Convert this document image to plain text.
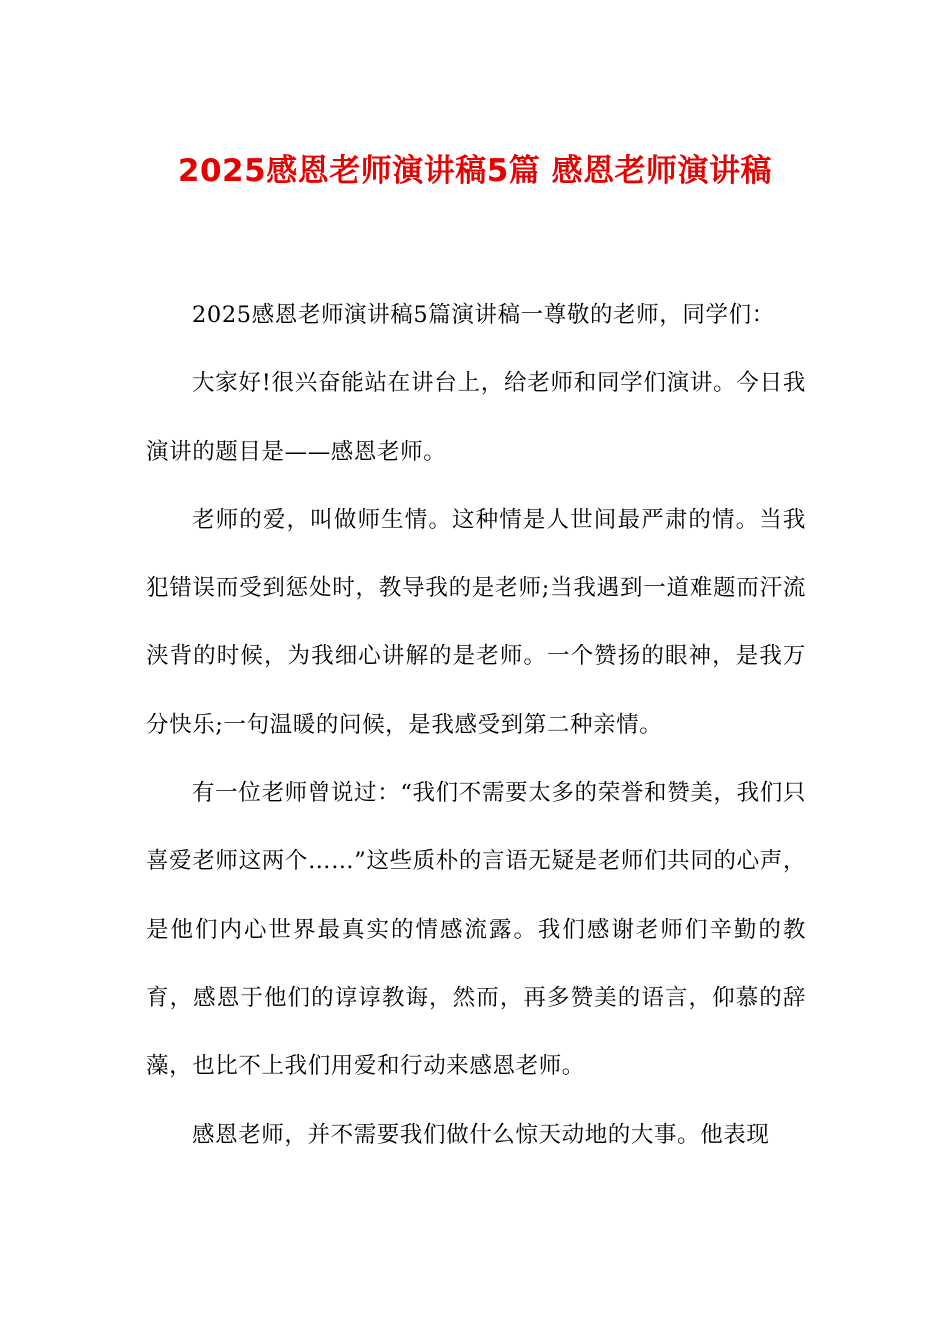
2025感恩老师演讲稿5篇 感恩老师演讲稿

2025感恩老师演讲稿5篇演讲稿一尊敬的老师，同学们：

大家好!很兴奋能站在讲台上，给老师和同学们演讲。今日我演讲的题目是——感恩老师。

老师的爱，叫做师生情。这种情是人世间最严肃的情。当我犯错误而受到惩处时，教导我的是老师;当我遇到一道难题而汗流浃背的时候，为我细心讲解的是老师。一个赞扬的眼神，是我万分快乐;一句温暖的问候，是我感受到第二种亲情。

有一位老师曾说过：“我们不需要太多的荣誉和赞美，我们只喜爱老师这两个……”这些质朴的言语无疑是老师们共同的心声，是他们内心世界最真实的情感流露。我们感谢老师们辛勤的教育，感恩于他们的谆谆教诲，然而，再多赞美的语言，仰慕的辞藻，也比不上我们用爱和行动来感恩老师。

感恩老师，并不需要我们做什么惊天动地的大事。他表现
